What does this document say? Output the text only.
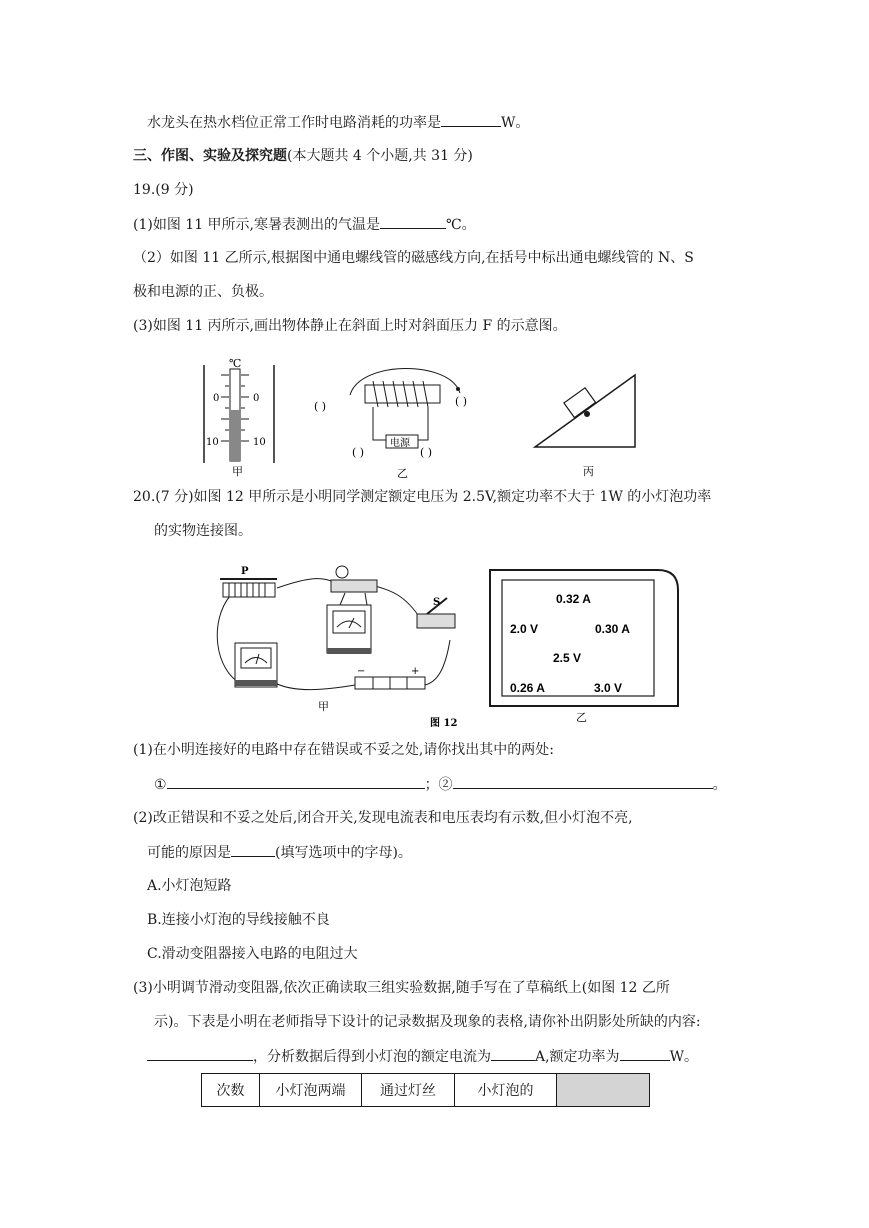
水龙头在热水档位正常工作时电路消耗的功率是	W。
三、作图、实验及探究题(本大题共 4 个小题,共 31 分)
19.(9 分)
(1)如图 11 甲所示,寒暑表测出的气温是	℃。
（2）如图 11 乙所示,根据图中通电螺线管的磁感线方向,在括号中标出通电螺线管的 N、S
极和电源的正、负极。
(3)如图 11 丙所示,画出物体静止在斜面上时对斜面压力 F 的示意图。
℃
0	0
10	10
甲
电源
( )	( )
( )	( )
乙	丙
20.(7 分)如图 12 甲所示是小明同学测定额定电压为 2.5V,额定功率不大于 1W 的小灯泡功率
的实物连接图。
P
S
−	+
甲
图 12
0.32 A
2.0 V	0.30 A
2.5 V
0.26 A	3.0 V
乙
(1)在小明连接好的电路中存在错误或不妥之处,请你找出其中的两处:
①	；②	。
(2)改正错误和不妥之处后,闭合开关,发现电流表和电压表均有示数,但小灯泡不亮,
可能的原因是	(填写选项中的字母)。
A.小灯泡短路
B.连接小灯泡的导线接触不良
C.滑动变阻器接入电路的电阻过大
(3)小明调节滑动变阻器,依次正确读取三组实验数据,随手写在了草稿纸上(如图 12 乙所
示)。下表是小明在老师指导下设计的记录数据及现象的表格,请你补出阴影处所缺的内容:
，分析数据后得到小灯泡的额定电流为	A,额定功率为	W。
次数	小灯泡两端	通过灯丝	小灯泡的	
